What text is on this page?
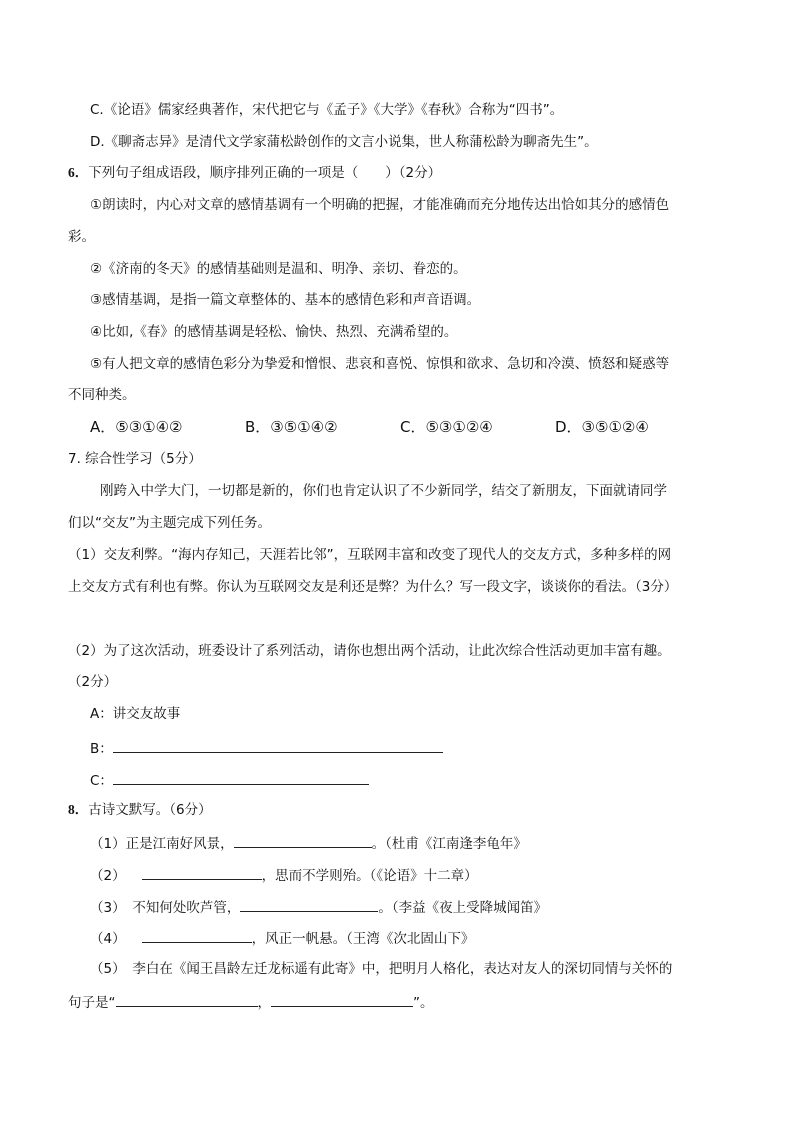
C.《论语》儒家经典著作，宋代把它与《孟子》《大学》《春秋》合称为“四书”。
D.《聊斋志异》是清代文学家蒲松龄创作的文言小说集，世人称蒲松龄为聊斋先生”。
6．下列句子组成语段，顺序排列正确的一项是（　　）（2分）
①朗读时，内心对文章的感情基调有一个明确的把握，才能准确而充分地传达出恰如其分的感情色
彩。
②《济南的冬天》的感情基础则是温和、明净、亲切、眷恋的。
③感情基调，是指一篇文章整体的、基本的感情色彩和声音语调。
④比如,《春》的感情基调是轻松、愉快、热烈、充满希望的。
⑤有人把文章的感情色彩分为挚爱和憎恨、悲哀和喜悦、惊惧和欲求、急切和冷漠、愤怒和疑惑等
不同种类。
A．⑤③①④②	B．③⑤①④②	C．⑤③①②④	D．③⑤①②④
7. 综合性学习（5分）
刚跨入中学大门，一切都是新的，你们也肯定认识了不少新同学，结交了新朋友，下面就请同学
们以“交友”为主题完成下列任务。
（1）交友利弊。“海内存知己，天涯若比邻”，互联网丰富和改变了现代人的交友方式，多种多样的网
上交友方式有利也有弊。你认为互联网交友是利还是弊？为什么？写一段文字，谈谈你的看法。（3分）
（2）为了这次活动，班委设计了系列活动，请你也想出两个活动，让此次综合性活动更加丰富有趣。
（2分）
A：讲交友故事
B：
C：
8．古诗文默写。（6分）
（1）正是江南好风景，	。（杜甫《江南逢李龟年》
（2）	，思而不学则殆。（《论语》十二章）
（3）　不知何处吹芦管，	。（李益《夜上受降城闻笛》
（4）	，风正一帆悬。（王湾《次北固山下》
（5）　李白在《闻王昌龄左迁龙标遥有此寄》中，把明月人格化，表达对友人的深切同情与关怀的
句子是“	，	”。
